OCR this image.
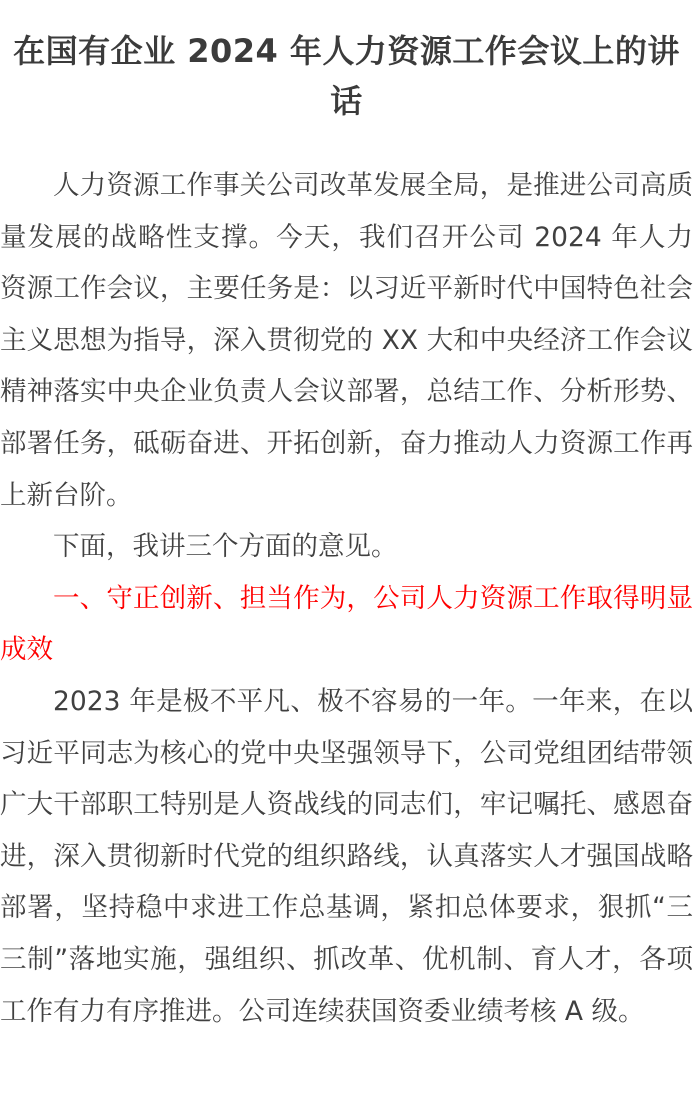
在国有企业 2024 年人力资源工作会议上的讲话

人力资源工作事关公司改革发展全局，是推进公司高质量发展的战略性支撑。今天，我们召开公司 2024 年人力资源工作会议，主要任务是：以习近平新时代中国特色社会主义思想为指导，深入贯彻党的 XX 大和中央经济工作会议精神落实中央企业负责人会议部署，总结工作、分析形势、部署任务，砥砺奋进、开拓创新，奋力推动人力资源工作再上新台阶。

下面，我讲三个方面的意见。

一、守正创新、担当作为，公司人力资源工作取得明显成效

2023 年是极不平凡、极不容易的一年。一年来，在以习近平同志为核心的党中央坚强领导下，公司党组团结带领广大干部职工特别是人资战线的同志们，牢记嘱托、感恩奋进，深入贯彻新时代党的组织路线，认真落实人才强国战略部署，坚持稳中求进工作总基调，紧扣总体要求，狠抓“三三制”落地实施，强组织、抓改革、优机制、育人才，各项工作有力有序推进。公司连续获国资委业绩考核 A 级。
